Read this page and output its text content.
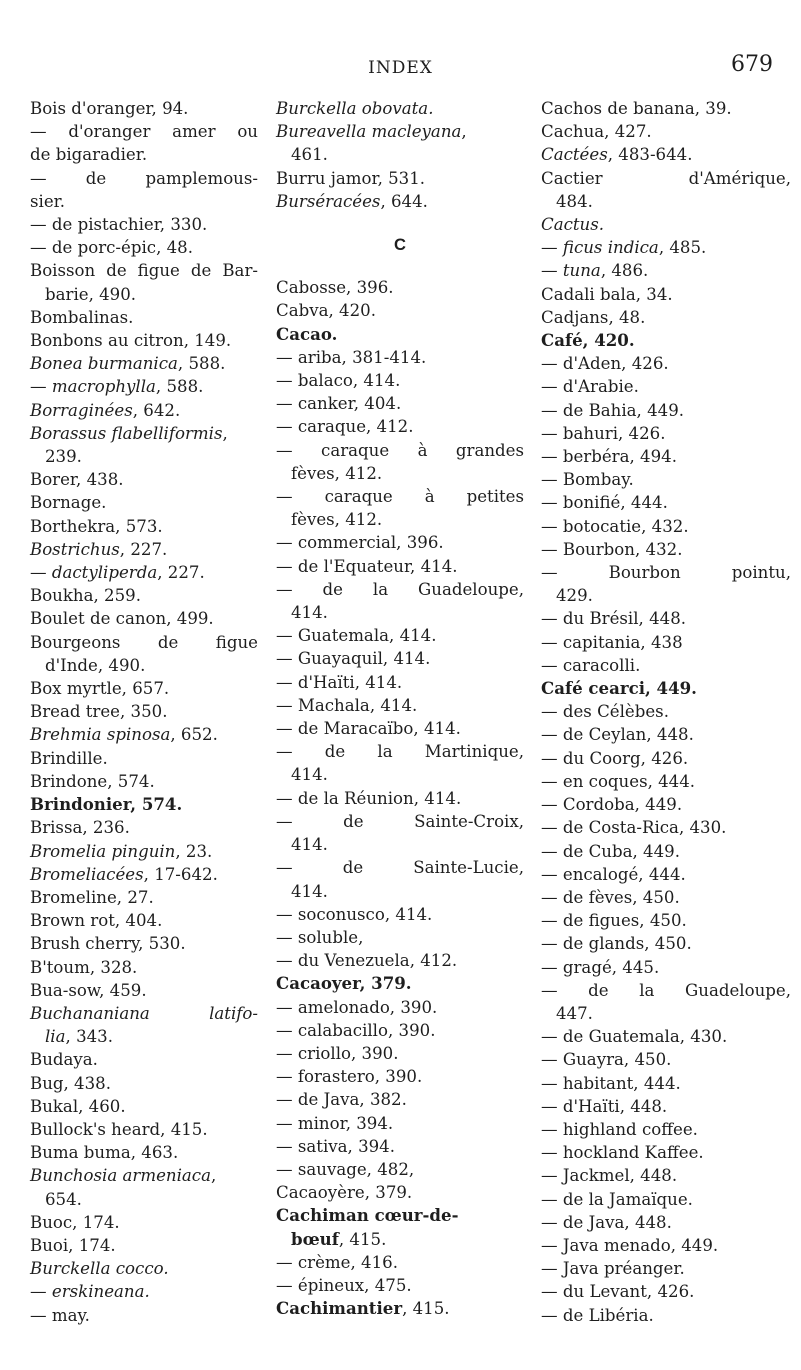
INDEX	679
Bois d'oranger, 94.
— d'oranger amer ou
de bigaradier.
— de pamplemous-
sier.
— de pistachier, 330.
— de porc-épic, 48.
Boisson de figue de Bar-
barie, 490.
Bombalinas.
Bonbons au citron, 149.
Bonea burmanica, 588.
— macrophylla, 588.
Borraginées, 642.
Borassus flabelliformis,
239.
Borer, 438.
Bornage.
Borthekra, 573.
Bostrichus, 227.
— dactyliperda, 227.
Boukha, 259.
Boulet de canon, 499.
Bourgeons de figue
d'Inde, 490.
Box myrtle, 657.
Bread tree, 350.
Brehmia spinosa, 652.
Brindille.
Brindone, 574.
Brindonier, 574.
Brissa, 236.
Bromelia pinguin, 23.
Bromeliacées, 17-642.
Bromeline, 27.
Brown rot, 404.
Brush cherry, 530.
B'toum, 328.
Bua-sow, 459.
Buchananiana latifo-
lia, 343.
Budaya.
Bug, 438.
Bukal, 460.
Bullock's heard, 415.
Buma buma, 463.
Bunchosia armeniaca,
654.
Buoc, 174.
Buoi, 174.
Burckella cocco.
— erskineana.
— may.
Burckella obovata.
Bureavella macleyana,
461.
Burru jamor, 531.
Burséracées, 644.
C
Cabosse, 396.
Cabva, 420.
Cacao.
— ariba, 381-414.
— balaco, 414.
— canker, 404.
— caraque, 412.
— caraque à grandes
fèves, 412.
— caraque à petites
fèves, 412.
— commercial, 396.
— de l'Equateur, 414.
— de la Guadeloupe,
414.
— Guatemala, 414.
— Guayaquil, 414.
— d'Haïti, 414.
— Machala, 414.
— de Maracaïbo, 414.
— de la Martinique,
414.
— de la Réunion, 414.
— de Sainte-Croix,
414.
— de Sainte-Lucie,
414.
— soconusco, 414.
— soluble,
— du Venezuela, 412.
Cacaoyer, 379.
— amelonado, 390.
— calabacillo, 390.
— criollo, 390.
— forastero, 390.
— de Java, 382.
— minor, 394.
— sativa, 394.
— sauvage, 482,
Cacaoyère, 379.
Cachiman cœur-de-
bœuf, 415.
— crème, 416.
— épineux, 475.
Cachimantier, 415.
Cachos de banana, 39.
Cachua, 427.
Cactées, 483-644.
Cactier d'Amérique,
484.
Cactus.
— ficus indica, 485.
— tuna, 486.
Cadali bala, 34.
Cadjans, 48.
Café, 420.
— d'Aden, 426.
— d'Arabie.
— de Bahia, 449.
— bahuri, 426.
— berbéra, 494.
— Bombay.
— bonifié, 444.
— botocatie, 432.
— Bourbon, 432.
— Bourbon pointu,
429.
— du Brésil, 448.
— capitania, 438
— caracolli.
Café cearci, 449.
— des Célèbes.
— de Ceylan, 448.
— du Coorg, 426.
— en coques, 444.
— Cordoba, 449.
— de Costa-Rica, 430.
— de Cuba, 449.
— encalogé, 444.
— de fèves, 450.
— de figues, 450.
— de glands, 450.
— gragé, 445.
— de la Guadeloupe,
447.
— de Guatemala, 430.
— Guayra, 450.
— habitant, 444.
— d'Haïti, 448.
— highland coffee.
— hockland Kaffee.
— Jackmel, 448.
— de la Jamaïque.
— de Java, 448.
— Java menado, 449.
— Java préanger.
— du Levant, 426.
— de Libéria.
